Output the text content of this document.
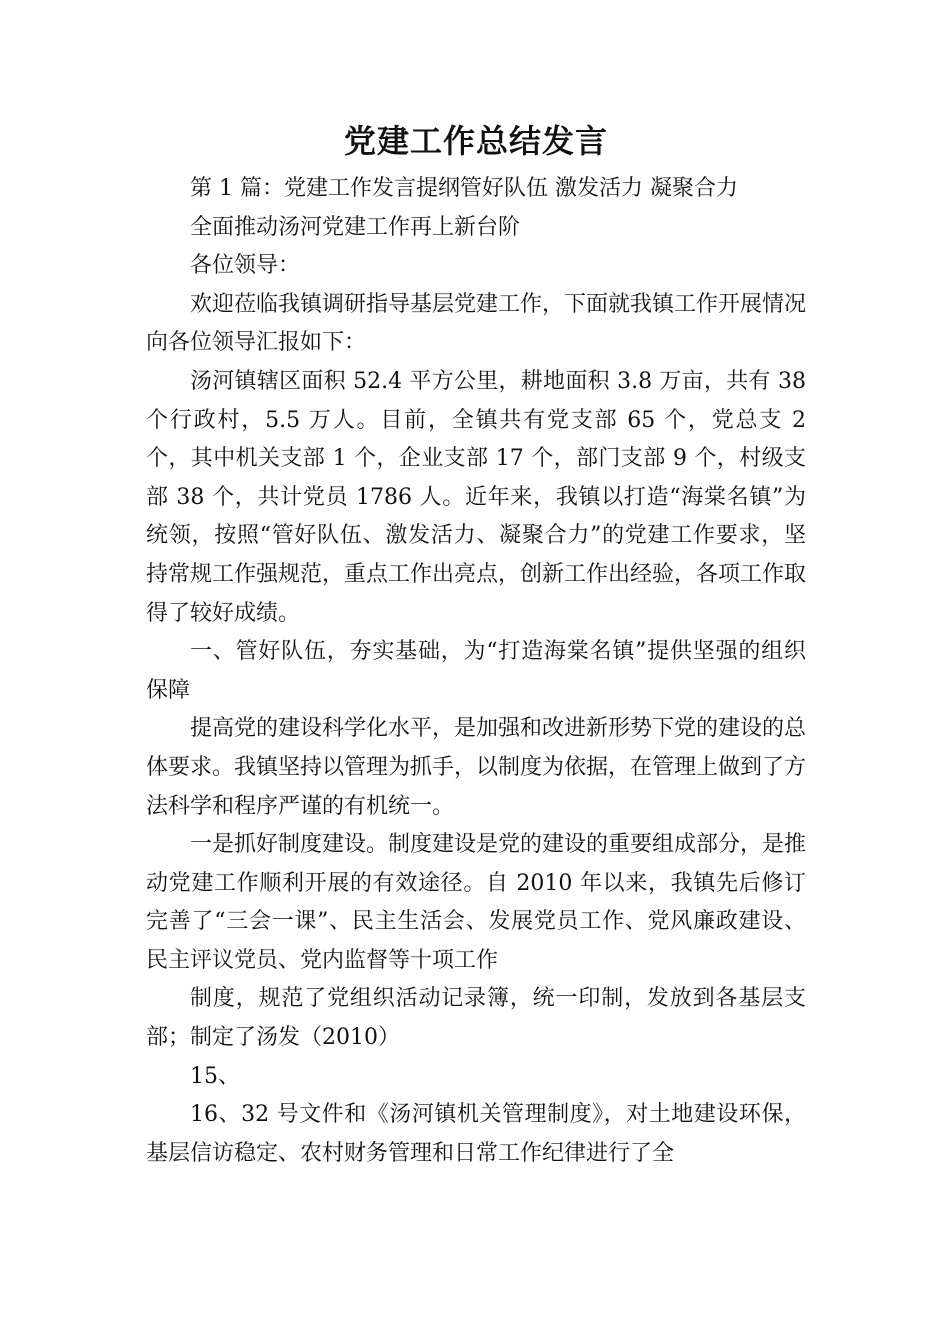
党建工作总结发言

第 1 篇：党建工作发言提纲管好队伍 激发活力 凝聚合力

全面推动汤河党建工作再上新台阶

各位领导：

欢迎莅临我镇调研指导基层党建工作，下面就我镇工作开展情况向各位领导汇报如下：

汤河镇辖区面积 52.4 平方公里，耕地面积 3.8 万亩，共有 38 个行政村，5.5 万人。目前，全镇共有党支部 65 个，党总支 2 个，其中机关支部 1 个，企业支部 17 个，部门支部 9 个，村级支部 38 个，共计党员 1786 人。近年来，我镇以打造“海棠名镇”为统领，按照“管好队伍、激发活力、凝聚合力”的党建工作要求，坚持常规工作强规范，重点工作出亮点，创新工作出经验，各项工作取得了较好成绩。

一、管好队伍，夯实基础，为“打造海棠名镇”提供坚强的组织保障

提高党的建设科学化水平，是加强和改进新形势下党的建设的总体要求。我镇坚持以管理为抓手，以制度为依据，在管理上做到了方法科学和程序严谨的有机统一。

一是抓好制度建设。制度建设是党的建设的重要组成部分，是推动党建工作顺利开展的有效途径。自 2010 年以来，我镇先后修订完善了“三会一课”、民主生活会、发展党员工作、党风廉政建设、民主评议党员、党内监督等十项工作

制度，规范了党组织活动记录簿，统一印制，发放到各基层支部；制定了汤发（2010）

15、

16、32 号文件和《汤河镇机关管理制度》，对土地建设环保，基层信访稳定、农村财务管理和日常工作纪律进行了全
